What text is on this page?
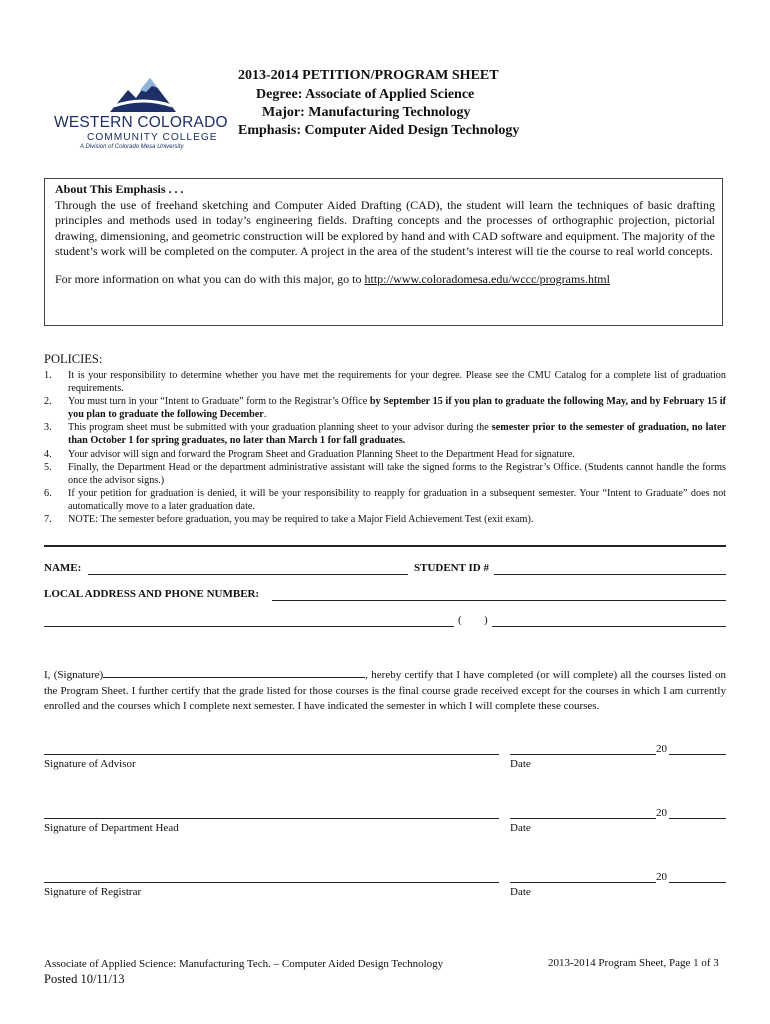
WESTERN COLORADO
COMMUNITY COLLEGE
A Division of Colorado Mesa University
2013-2014 PETITION/PROGRAM SHEET
Degree: Associate of Applied Science
Major: Manufacturing Technology
Emphasis: Computer Aided Design Technology
About This Emphasis . . .
Through the use of freehand sketching and Computer Aided Drafting (CAD), the student will learn the techniques of basic drafting principles and methods used in today’s engineering fields. Drafting concepts and the processes of orthographic projection, pictorial drawing, dimensioning, and geometric construction will be explored by hand and with CAD software and equipment. The majority of the student’s work will be completed on the computer. A project in the area of the student’s interest will tie the course to real world concepts.
For more information on what you can do with this major, go to http://www.coloradomesa.edu/wccc/programs.html
POLICIES:
1. It is your responsibility to determine whether you have met the requirements for your degree. Please see the CMU Catalog for a complete list of graduation requirements.
2. You must turn in your “Intent to Graduate” form to the Registrar’s Office by September 15 if you plan to graduate the following May, and by February 15 if you plan to graduate the following December.
3. This program sheet must be submitted with your graduation planning sheet to your advisor during the semester prior to the semester of graduation, no later than October 1 for spring graduates, no later than March 1 for fall graduates.
4. Your advisor will sign and forward the Program Sheet and Graduation Planning Sheet to the Department Head for signature.
5. Finally, the Department Head or the department administrative assistant will take the signed forms to the Registrar’s Office. (Students cannot handle the forms once the advisor signs.)
6. If your petition for graduation is denied, it will be your responsibility to reapply for graduation in a subsequent semester. Your “Intent to Graduate” does not automatically move to a later graduation date.
7. NOTE: The semester before graduation, you may be required to take a Major Field Achievement Test (exit exam).
NAME:	STUDENT ID #
LOCAL ADDRESS AND PHONE NUMBER:
( )
I, (Signature)	, hereby certify that I have completed (or will complete) all the courses listed on the Program Sheet. I further certify that the grade listed for those courses is the final course grade received except for the courses in which I am currently enrolled and the courses which I complete next semester. I have indicated the semester in which I will complete these courses.
Signature of Advisor
20
Date
Signature of Department Head
20
Date
Signature of Registrar
20
Date
Associate of Applied Science: Manufacturing Tech. – Computer Aided Design Technology
Posted 10/11/13
2013-2014 Program Sheet, Page 1 of 3
